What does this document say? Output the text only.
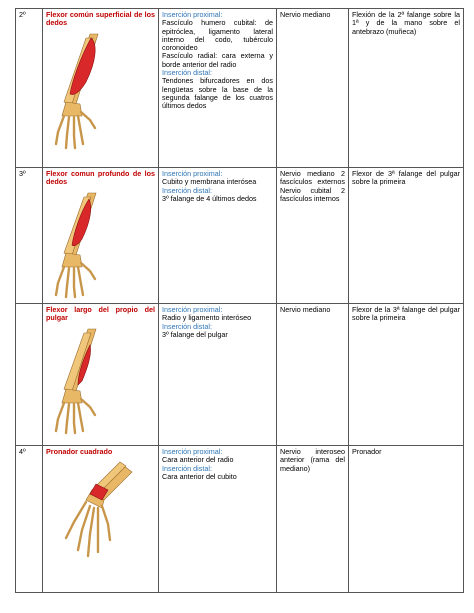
2º	Flexor común superficial de los dedos	Inserción proximal:
Fascículo humero cubital: de epitróclea, ligamento lateral interno del codo, tubérculo coronoideo
Fascículo radial: cara externa y borde anterior del radio
Inserción distal:
Tendones bifurcadores en dos lengüetas sobre la base de la segunda falange de los cuatros últimos dedos	Nervio mediano	Flexión de la 2ª falange sobre la 1ª y de la mano sobre el antebrazo (muñeca)

3º	Flexor comun profundo de los dedos	Inserción proximal:
Cubito y membrana interósea
Inserción distal:
3º falange de 4 últimos dedos	Nervio mediano 2 fascículos externos Nervio cubital 2 fascículos internos	Flexor de 3ª falange del pulgar sobre la primeira

	Flexor largo del propio del pulgar	Inserción proximal:
Radio y ligamento interóseo
Inserción distal:
3º falange del pulgar	Nervio mediano	Flexor de la 3ª falange del pulgar sobre la primeira

4º	Pronador cuadrado	Inserción proximal:
Cara anterior del radio
Inserción distal:
Cara anterior del cubito	Nervio interoseo anterior (rama del mediano)	Pronador
